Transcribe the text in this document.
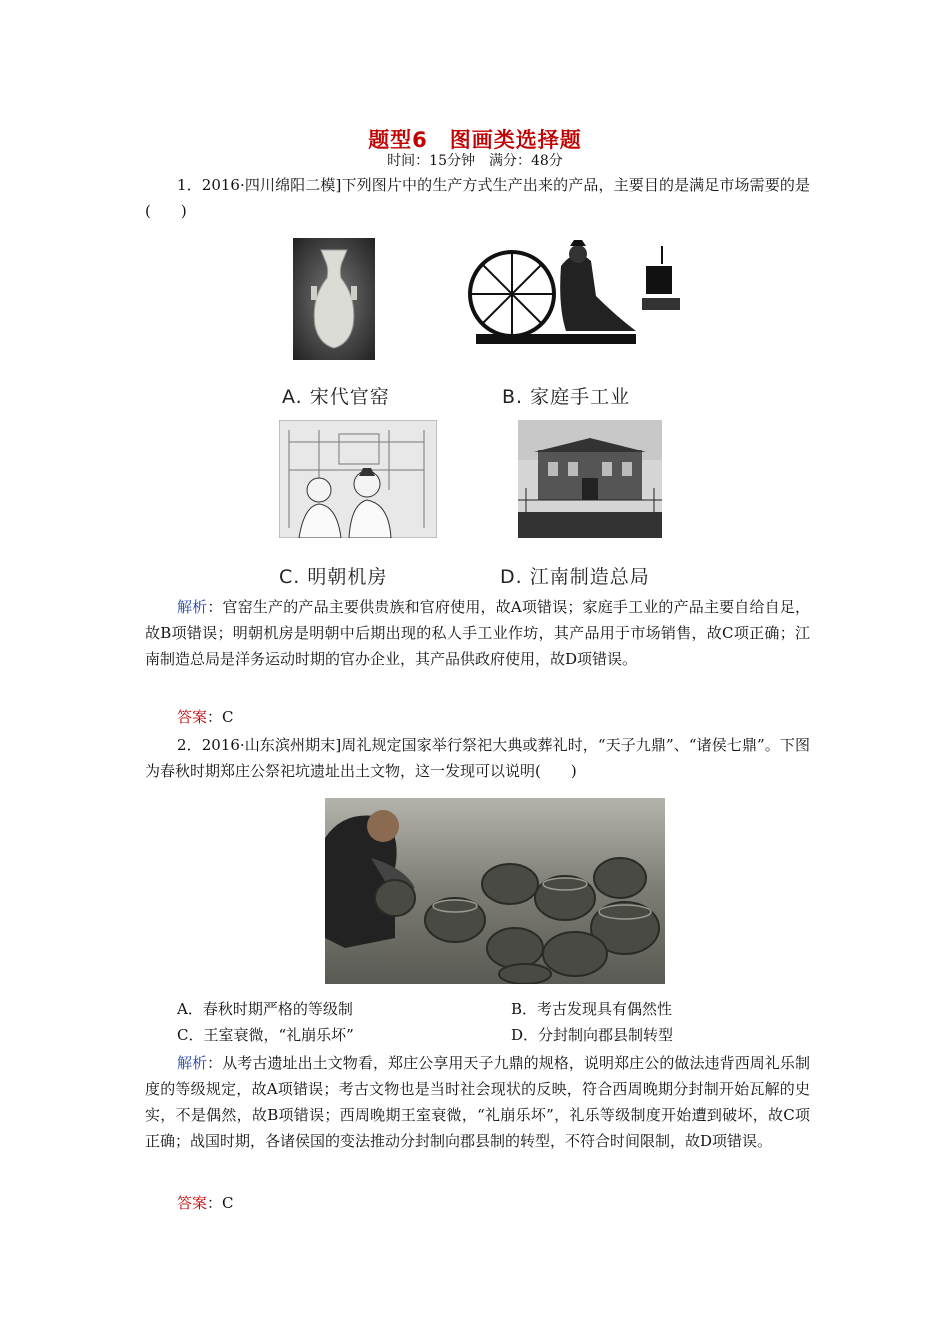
题型6　图画类选择题
时间：15分钟　满分：48分
1．2016·四川绵阳二模]下列图片中的生产方式生产出来的产品，主要目的是满足市场需要的是(　　)
A. 宋代官窑	B. 家庭手工业
C. 明朝机房	D. 江南制造总局
解析：官窑生产的产品主要供贵族和官府使用，故A项错误；家庭手工业的产品主要自给自足，故B项错误；明朝机房是明朝中后期出现的私人手工业作坊，其产品用于市场销售，故C项正确；江南制造总局是洋务运动时期的官办企业，其产品供政府使用，故D项错误。
答案：C
2．2016·山东滨州期末]周礼规定国家举行祭祀大典或葬礼时，“天子九鼎”、“诸侯七鼎”。下图为春秋时期郑庄公祭祀坑遗址出土文物，这一发现可以说明(　　)
A．春秋时期严格的等级制	B．考古发现具有偶然性
C．王室衰微，“礼崩乐坏”	D．分封制向郡县制转型
解析：从考古遗址出土文物看，郑庄公享用天子九鼎的规格，说明郑庄公的做法违背西周礼乐制度的等级规定，故A项错误；考古文物也是当时社会现状的反映，符合西周晚期分封制开始瓦解的史实，不是偶然，故B项错误；西周晚期王室衰微，“礼崩乐坏”，礼乐等级制度开始遭到破坏，故C项正确；战国时期，各诸侯国的变法推动分封制向郡县制的转型，不符合时间限制，故D项错误。
答案：C
